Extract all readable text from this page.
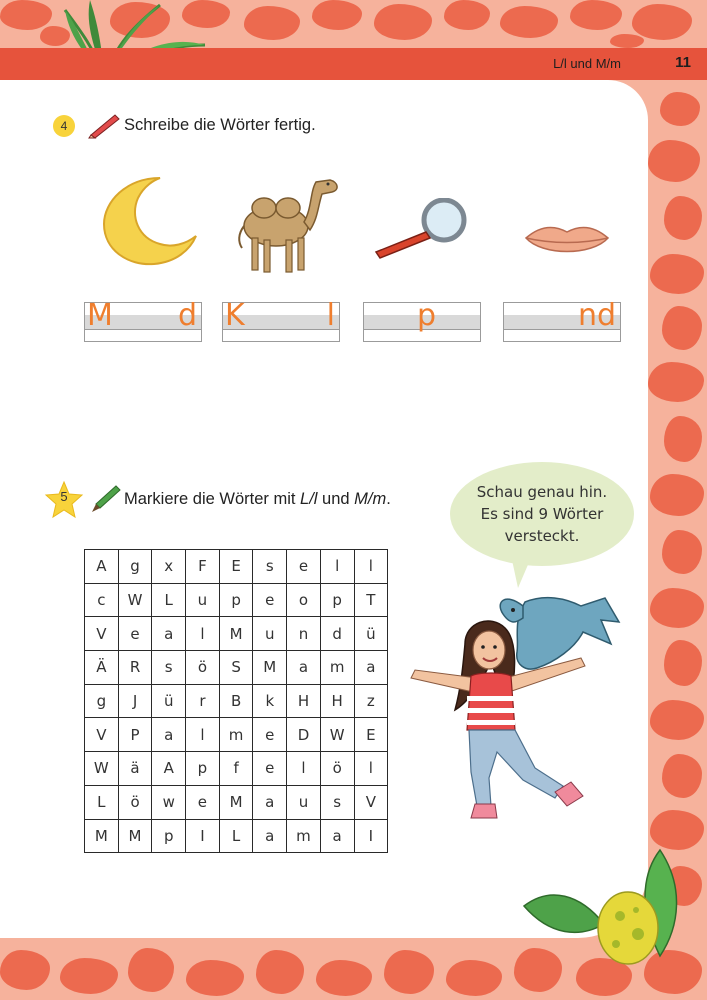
L/l und M/m	11
4	Schreibe die Wörter fertig.
M d K	l	p	nd
5	Markiere die Wörter mit L/l und M/m.
A	g	x	F	E	s	e	l	l
c	W	L	u	p	e	o	p	T
V	e	a	l	M	u	n	d	ü
Ä	R	s	ö	S	M	a	m	a
g	J	ü	r	B	k	H	H	z
V	P	a	l	m	e	D	W	E
W	ä	A	p	f	e	l	ö	l
L	ö	w	e	M	a	u	s	V
M	M	p	I	L	a	m	a	I
Schau genau hin.
Es sind 9 Wörter
versteckt.
